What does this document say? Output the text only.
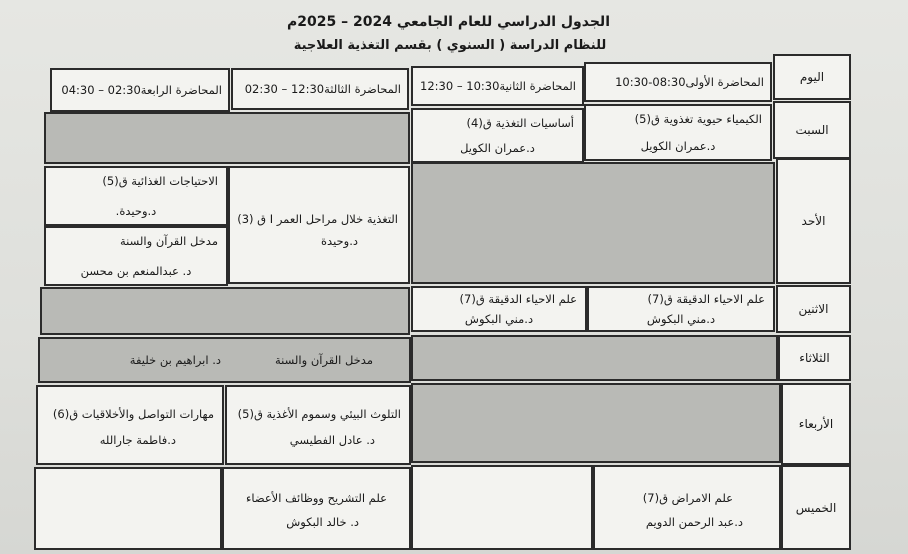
الجدول الدراسي للعام الجامعي 2024 – 2025م
للنظام الدراسة ( السنوي ) بقسم التغذية العلاجية
اليوم
المحاضرة الأولى08:30-10:30
المحاضرة الثانية10:30 – 12:30
المحاضرة الثالثة12:30 – 02:30
المحاضرة الرابعة02:30 – 04:30
السبت
الكيمياء حيوية تغذوية ق(5)
د.عمران الكويل
أساسيات التغذية ق(4)
د.عمران الكويل
الأحد
التغذية خلال مراحل العمر I ق (3)
د.وحيدة
الاحتياجات الغذائية ق(5)
د.وحيدة.
مدخل القرآن والسنة
د. عبدالمنعم بن محسن
الاثنين
علم الاحياء الدقيقة ق(7)
د.مني البكوش
علم الاحياء الدقيقة ق(7)
د.مني البكوش
الثلاثاء
مدخل القرآن والسنة
د. ابراهيم بن خليفة
الأربعاء
التلوث البيئي وسموم الأغذية ق(5)
د. عادل الفطيسي
مهارات التواصل والأخلاقيات ق(6)
د.فاطمة جارالله
الخميس
علم الامراض ق(7)
د.عبد الرحمن الدويم
علم التشريح ووظائف الأعضاء
د. خالد البكوش
